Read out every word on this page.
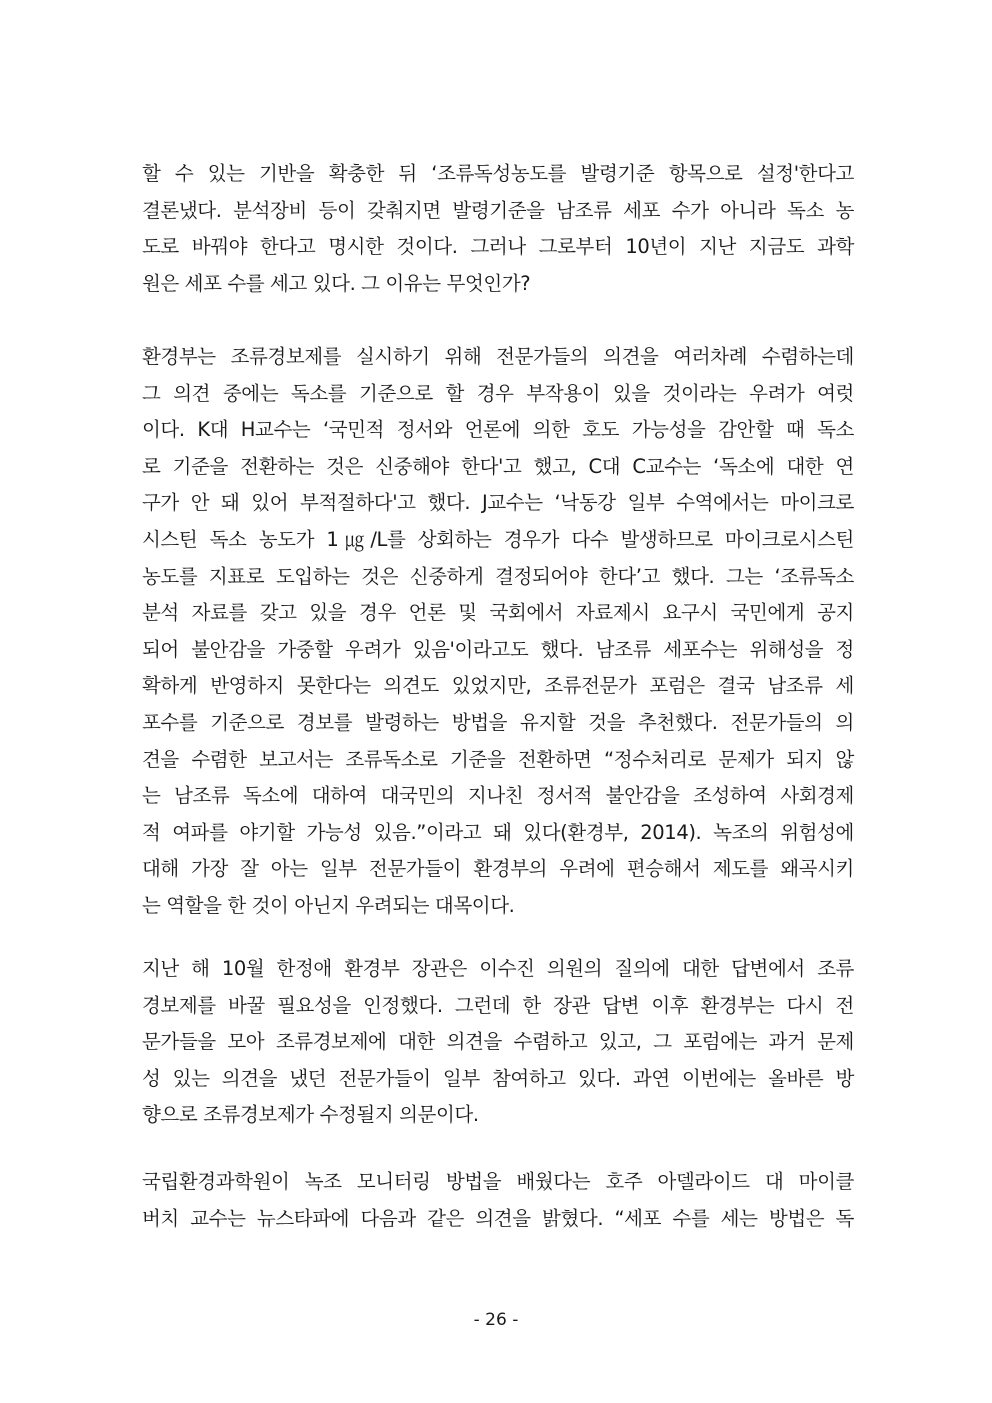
할 수 있는 기반을 확충한 뒤 ‘조류독성농도를 발령기준 항목으로 설정'한다고
결론냈다. 분석장비 등이 갖춰지면 발령기준을 남조류 세포 수가 아니라 독소 농
도로 바꿔야 한다고 명시한 것이다. 그러나 그로부터 10년이 지난 지금도 과학
원은 세포 수를 세고 있다. 그 이유는 무엇인가?
환경부는 조류경보제를 실시하기 위해 전문가들의 의견을 여러차례 수렴하는데
그 의견 중에는 독소를 기준으로 할 경우 부작용이 있을 것이라는 우려가 여럿
이다. K대 H교수는 ‘국민적 정서와 언론에 의한 호도 가능성을 감안할 때 독소
로 기준을 전환하는 것은 신중해야 한다'고 했고, C대 C교수는 ‘독소에 대한 연
구가 안 돼 있어 부적절하다'고 했다. J교수는 ‘낙동강 일부 수역에서는 마이크로
시스틴 독소 농도가 1㎍/L를 상회하는 경우가 다수 발생하므로 마이크로시스틴
농도를 지표로 도입하는 것은 신중하게 결정되어야 한다’고 했다. 그는 ‘조류독소
분석 자료를 갖고 있을 경우 언론 및 국회에서 자료제시 요구시 국민에게 공지
되어 불안감을 가중할 우려가 있음'이라고도 했다. 남조류 세포수는 위해성을 정
확하게 반영하지 못한다는 의견도 있었지만, 조류전문가 포럼은 결국 남조류 세
포수를 기준으로 경보를 발령하는 방법을 유지할 것을 추천했다. 전문가들의 의
견을 수렴한 보고서는 조류독소로 기준을 전환하면 “정수처리로 문제가 되지 않
는 남조류 독소에 대하여 대국민의 지나친 정서적 불안감을 조성하여 사회경제
적 여파를 야기할 가능성 있음.”이라고 돼 있다(환경부, 2014). 녹조의 위험성에
대해 가장 잘 아는 일부 전문가들이 환경부의 우려에 편승해서 제도를 왜곡시키
는 역할을 한 것이 아닌지 우려되는 대목이다.
지난 해 10월 한정애 환경부 장관은 이수진 의원의 질의에 대한 답변에서 조류
경보제를 바꿀 필요성을 인정했다. 그런데 한 장관 답변 이후 환경부는 다시 전
문가들을 모아 조류경보제에 대한 의견을 수렴하고 있고, 그 포럼에는 과거 문제
성 있는 의견을 냈던 전문가들이 일부 참여하고 있다. 과연 이번에는 올바른 방
향으로 조류경보제가 수정될지 의문이다.
국립환경과학원이 녹조 모니터링 방법을 배웠다는 호주 아델라이드 대 마이클
버치 교수는 뉴스타파에 다음과 같은 의견을 밝혔다. “세포 수를 세는 방법은 독
- 26 -
